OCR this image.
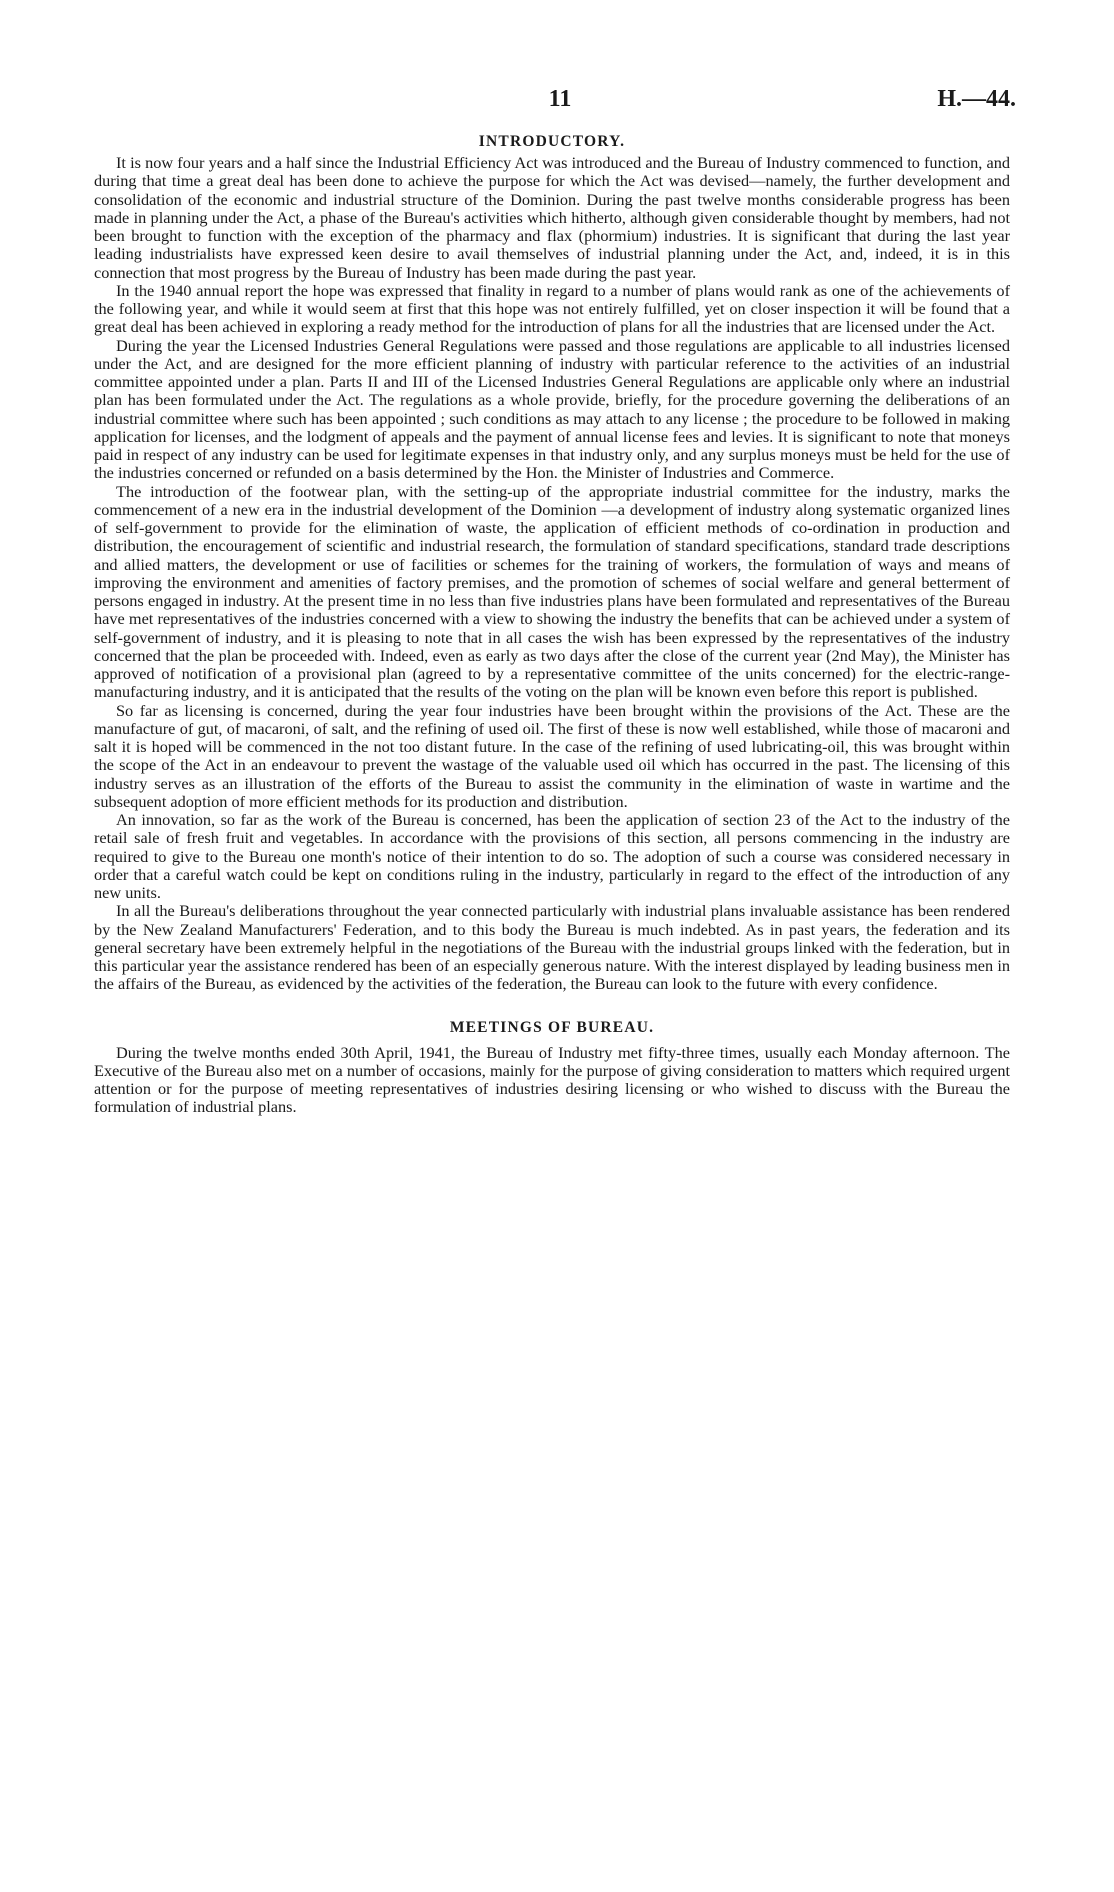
11	H.—44.
INTRODUCTORY.

It is now four years and a half since the Industrial Efficiency Act was introduced and the Bureau of Industry commenced to function, and during that time a great deal has been done to achieve the purpose for which the Act was devised—namely, the further development and consolidation of the economic and industrial structure of the Dominion. During the past twelve months considerable progress has been made in planning under the Act, a phase of the Bureau's activities which hitherto, although given considerable thought by members, had not been brought to function with the exception of the pharmacy and flax (phormium) industries. It is significant that during the last year leading industrialists have expressed keen desire to avail themselves of industrial planning under the Act, and, indeed, it is in this connection that most progress by the Bureau of Industry has been made during the past year.

In the 1940 annual report the hope was expressed that finality in regard to a number of plans would rank as one of the achievements of the following year, and while it would seem at first that this hope was not entirely fulfilled, yet on closer inspection it will be found that a great deal has been achieved in exploring a ready method for the introduction of plans for all the industries that are licensed under the Act.

During the year the Licensed Industries General Regulations were passed and those regulations are applicable to all industries licensed under the Act, and are designed for the more efficient planning of industry with particular reference to the activities of an industrial committee appointed under a plan. Parts II and III of the Licensed Industries General Regulations are applicable only where an industrial plan has been formulated under the Act. The regulations as a whole provide, briefly, for the procedure governing the deliberations of an industrial committee where such has been appointed ; such conditions as may attach to any license ; the procedure to be followed in making application for licenses, and the lodgment of appeals and the payment of annual license fees and levies. It is significant to note that moneys paid in respect of any industry can be used for legitimate expenses in that industry only, and any surplus moneys must be held for the use of the industries concerned or refunded on a basis determined by the Hon. the Minister of Industries and Commerce.

The introduction of the footwear plan, with the setting-up of the appropriate industrial committee for the industry, marks the commencement of a new era in the industrial development of the Dominion —a development of industry along systematic organized lines of self-government to provide for the elimination of waste, the application of efficient methods of co-ordination in production and distribution, the encouragement of scientific and industrial research, the formulation of standard specifications, standard trade descriptions and allied matters, the development or use of facilities or schemes for the training of workers, the formulation of ways and means of improving the environment and amenities of factory premises, and the promotion of schemes of social welfare and general betterment of persons engaged in industry. At the present time in no less than five industries plans have been formulated and representatives of the Bureau have met representatives of the industries concerned with a view to showing the industry the benefits that can be achieved under a system of self-government of industry, and it is pleasing to note that in all cases the wish has been expressed by the representatives of the industry concerned that the plan be proceeded with. Indeed, even as early as two days after the close of the current year (2nd May), the Minister has approved of notification of a provisional plan (agreed to by a representative committee of the units concerned) for the electric-range-manufacturing industry, and it is anticipated that the results of the voting on the plan will be known even before this report is published.

So far as licensing is concerned, during the year four industries have been brought within the provisions of the Act. These are the manufacture of gut, of macaroni, of salt, and the refining of used oil. The first of these is now well established, while those of macaroni and salt it is hoped will be commenced in the not too distant future. In the case of the refining of used lubricating-oil, this was brought within the scope of the Act in an endeavour to prevent the wastage of the valuable used oil which has occurred in the past. The licensing of this industry serves as an illustration of the efforts of the Bureau to assist the community in the elimination of waste in wartime and the subsequent adoption of more efficient methods for its production and distribution.

An innovation, so far as the work of the Bureau is concerned, has been the application of section 23 of the Act to the industry of the retail sale of fresh fruit and vegetables. In accordance with the provisions of this section, all persons commencing in the industry are required to give to the Bureau one month's notice of their intention to do so. The adoption of such a course was considered necessary in order that a careful watch could be kept on conditions ruling in the industry, particularly in regard to the effect of the introduction of any new units.

In all the Bureau's deliberations throughout the year connected particularly with industrial plans invaluable assistance has been rendered by the New Zealand Manufacturers' Federation, and to this body the Bureau is much indebted. As in past years, the federation and its general secretary have been extremely helpful in the negotiations of the Bureau with the industrial groups linked with the federation, but in this particular year the assistance rendered has been of an especially generous nature. With the interest displayed by leading business men in the affairs of the Bureau, as evidenced by the activities of the federation, the Bureau can look to the future with every confidence.

MEETINGS OF BUREAU.

During the twelve months ended 30th April, 1941, the Bureau of Industry met fifty-three times, usually each Monday afternoon. The Executive of the Bureau also met on a number of occasions, mainly for the purpose of giving consideration to matters which required urgent attention or for the purpose of meeting representatives of industries desiring licensing or who wished to discuss with the Bureau the formulation of industrial plans.
